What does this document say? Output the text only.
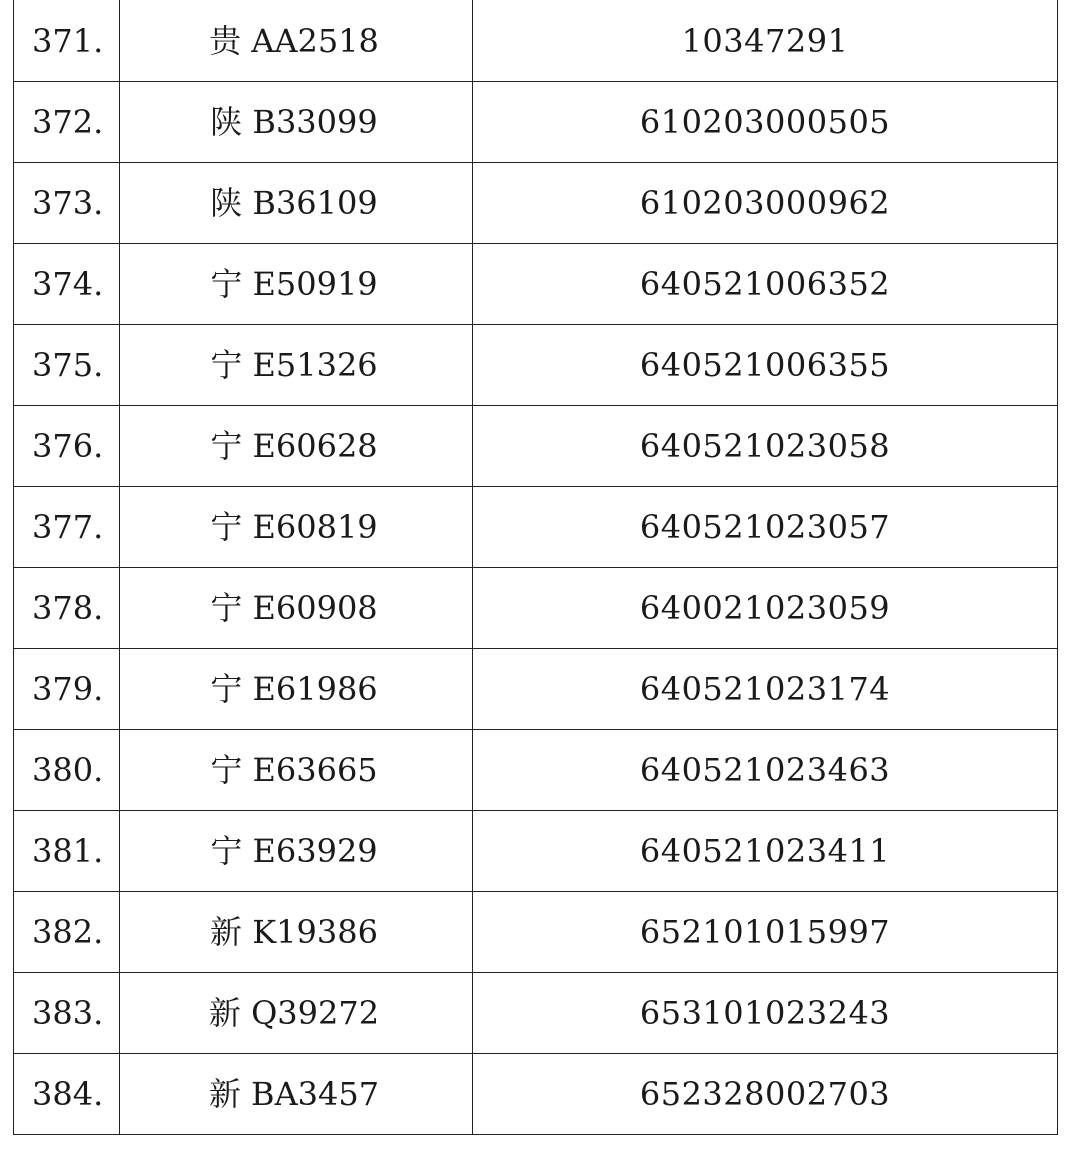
371.	贵 AA2518	10347291
372.	陕 B33099	610203000505
373.	陕 B36109	610203000962
374.	宁 E50919	640521006352
375.	宁 E51326	640521006355
376.	宁 E60628	640521023058
377.	宁 E60819	640521023057
378.	宁 E60908	640021023059
379.	宁 E61986	640521023174
380.	宁 E63665	640521023463
381.	宁 E63929	640521023411
382.	新 K19386	652101015997
383.	新 Q39272	653101023243
384.	新 BA3457	652328002703
